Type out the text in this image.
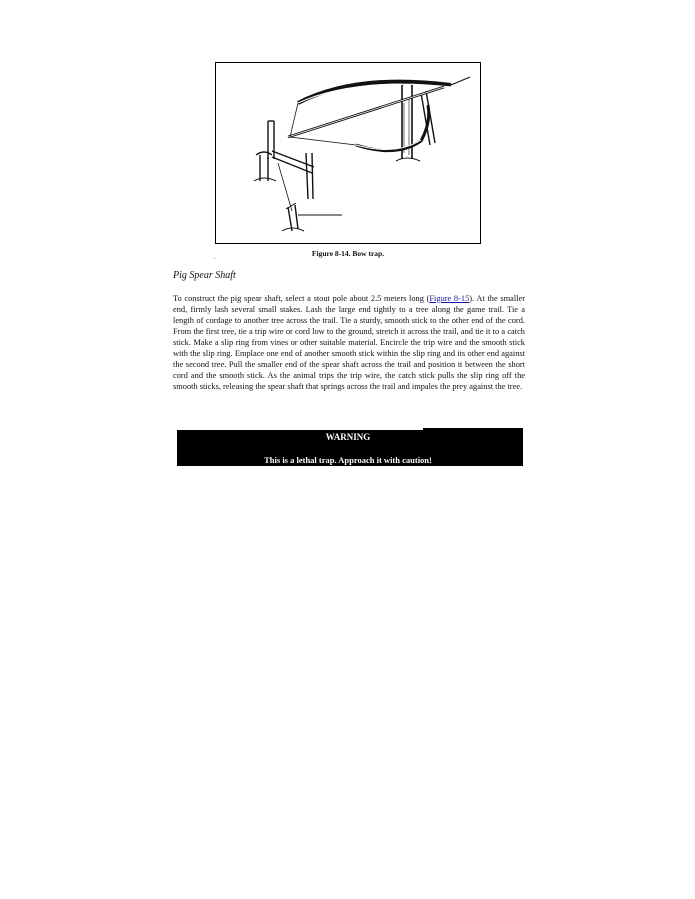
Figure 8-14. Bow trap.
Pig Spear Shaft

To construct the pig spear shaft, select a stout pole about 2.5 meters long (Figure 8-15). At the smaller end, firmly lash several small stakes. Lash the large end tightly to a tree along the game trail. Tie a length of cordage to another tree across the trail. Tie a sturdy, smooth stick to the other end of the cord. From the first tree, tie a trip wire or cord low to the ground, stretch it across the trail, and tie it to a catch stick. Make a slip ring from vines or other suitable material. Encircle the trip wire and the smooth stick with the slip ring. Emplace one end of another smooth stick within the slip ring and its other end against the second tree. Pull the smaller end of the spear shaft across the trail and position it between the short cord and the smooth stick. As the animal trips the trip wire, the catch stick pulls the slip ring off the smooth sticks, releasing the spear shaft that springs across the trail and impales the prey against the tree.

WARNING
This is a lethal trap. Approach it with caution!
